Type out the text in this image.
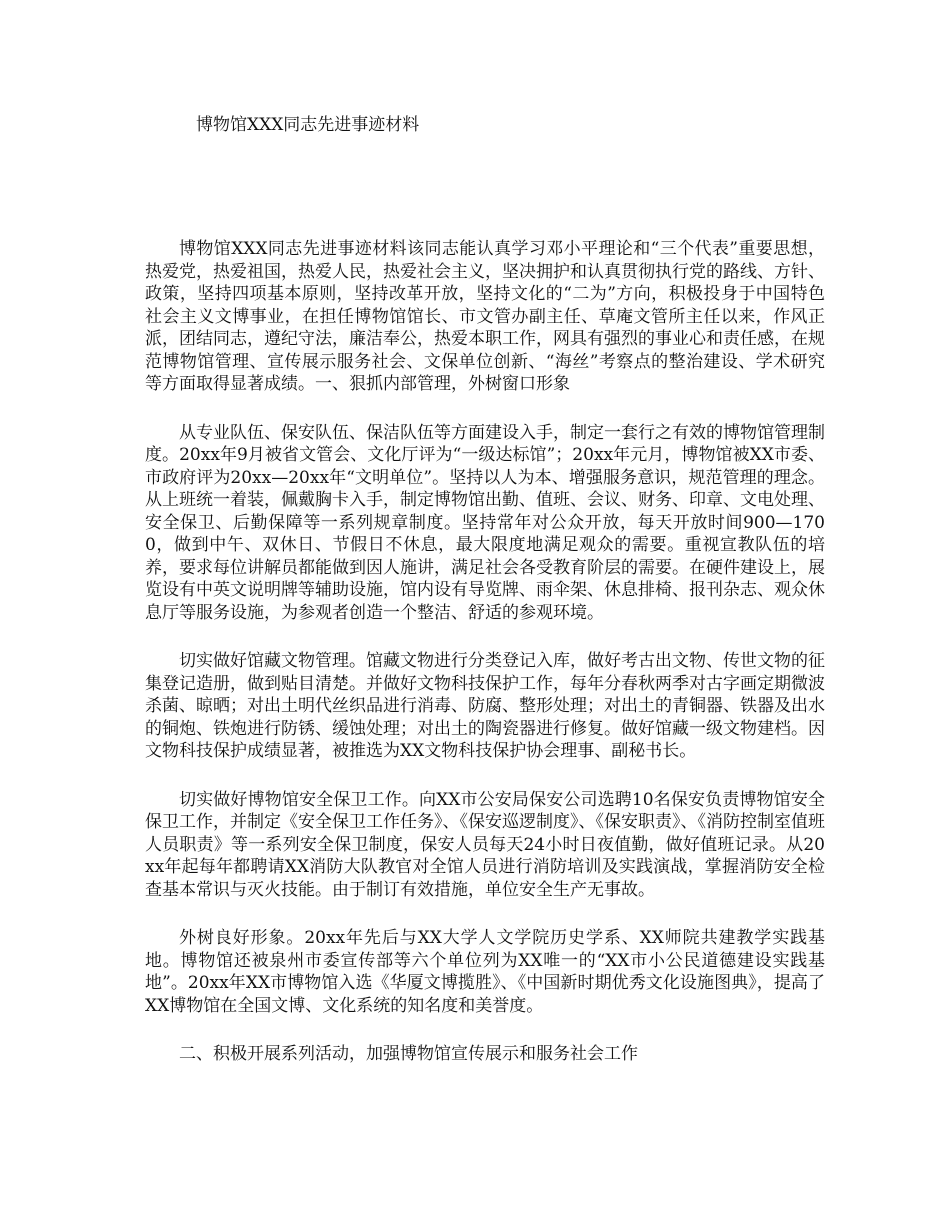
博物馆XXX同志先进事迹材料

博物馆XXX同志先进事迹材料该同志能认真学习邓小平理论和“三个代表”重要思想，热爱党，热爱祖国，热爱人民，热爱社会主义，坚决拥护和认真贯彻执行党的路线、方针、政策，坚持四项基本原则，坚持改革开放，坚持文化的“二为”方向，积极投身于中国特色社会主义文博事业，在担任博物馆馆长、市文管办副主任、草庵文管所主任以来，作风正派，团结同志，遵纪守法，廉洁奉公，热爱本职工作，网具有强烈的事业心和责任感，在规范博物馆管理、宣传展示服务社会、文保单位创新、“海丝”考察点的整治建设、学术研究等方面取得显著成绩。一、狠抓内部管理，外树窗口形象

从专业队伍、保安队伍、保洁队伍等方面建设入手，制定一套行之有效的博物馆管理制度。20xx年9月被省文管会、文化厅评为“一级达标馆”；20xx年元月，博物馆被XX市委、市政府评为20xx—20xx年“文明单位”。坚持以人为本、增强服务意识，规范管理的理念。从上班统一着装，佩戴胸卡入手，制定博物馆出勤、值班、会议、财务、印章、文电处理、安全保卫、后勤保障等一系列规章制度。坚持常年对公众开放，每天开放时间900—1700，做到中午、双休日、节假日不休息，最大限度地满足观众的需要。重视宣教队伍的培养，要求每位讲解员都能做到因人施讲，满足社会各受教育阶层的需要。在硬件建设上，展览设有中英文说明牌等辅助设施，馆内设有导览牌、雨伞架、休息排椅、报刊杂志、观众休息厅等服务设施，为参观者创造一个整洁、舒适的参观环境。

切实做好馆藏文物管理。馆藏文物进行分类登记入库，做好考古出文物、传世文物的征集登记造册，做到贴目清楚。并做好文物科技保护工作，每年分春秋两季对古字画定期微波杀菌、晾晒；对出土明代丝织品进行消毒、防腐、整形处理；对出土的青铜器、铁器及出水的铜炮、铁炮进行防锈、缓蚀处理；对出土的陶瓷器进行修复。做好馆藏一级文物建档。因文物科技保护成绩显著，被推选为XX文物科技保护协会理事、副秘书长。

切实做好博物馆安全保卫工作。向XX市公安局保安公司选聘10名保安负责博物馆安全保卫工作，并制定《安全保卫工作任务》、《保安巡逻制度》、《保安职责》、《消防控制室值班人员职责》等一系列安全保卫制度，保安人员每天24小时日夜值勤，做好值班记录。从20xx年起每年都聘请XX消防大队教官对全馆人员进行消防培训及实践演战，掌握消防安全检查基本常识与灭火技能。由于制订有效措施，单位安全生产无事故。

外树良好形象。20xx年先后与XX大学人文学院历史学系、XX师院共建教学实践基地。博物馆还被泉州市委宣传部等六个单位列为XX唯一的“XX市小公民道德建设实践基地”。20xx年XX市博物馆入选《华厦文博揽胜》、《中国新时期优秀文化设施图典》，提高了XX博物馆在全国文博、文化系统的知名度和美誉度。

二、积极开展系列活动，加强博物馆宣传展示和服务社会工作
